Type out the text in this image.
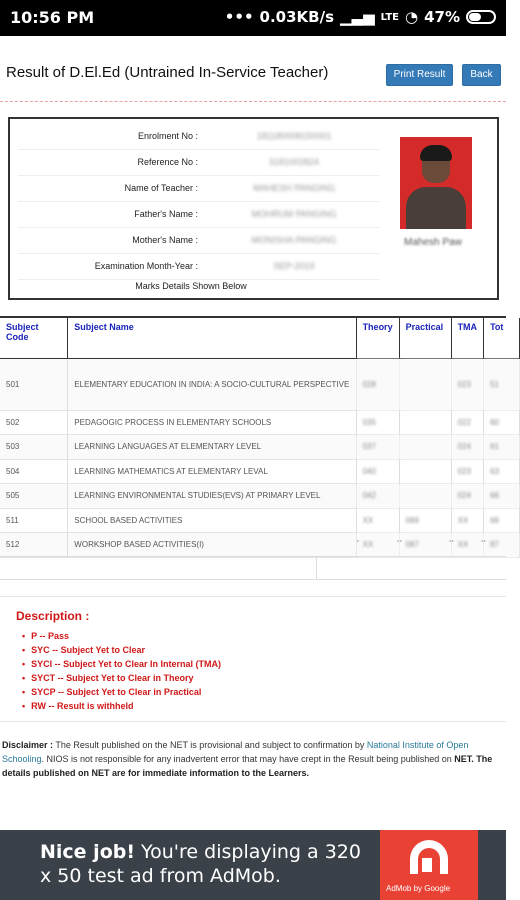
10:56 PM	••• 0.03KB/s ▁▃▅ LTE ◔ 47%
Result of D.El.Ed (Untrained In-Service Teacher)	Print Result	Back
Enrolment No :	181180008150001
Reference No :	3181002824
Name of Teacher :	MAHESH PANGING
Father's Name :	MOHRUM PANGING
Mother's Name :	MONISHA PANGING
Examination Month-Year :	SEP-2019
Mahesh Paw
Marks Details Shown Below
Subject Code	Subject Name	Theory	Practical	TMA	Tot
501	ELEMENTARY EDUCATION IN INDIA: A SOCIO-CULTURAL PERSPECTIVE	028		023	51
502	PEDAGOGIC PROCESS IN ELEMENTARY SCHOOLS	035		022	60
503	LEARNING LANGUAGES AT ELEMENTARY LEVEL	037		024	61
504	LEARNING MATHEMATICS AT ELEMENTARY LEVAL	040		023	63
505	LEARNING ENVIRONMENTAL STUDIES(EVS) AT PRIMARY LEVEL	042		024	66
511	SCHOOL BASED ACTIVITIES	XX	069	XX	69
512	WORKSHOP BASED ACTIVITIES(I)	XX	087	XX	87
Description :
• P -- Pass
• SYC -- Subject Yet to Clear
• SYCI -- Subject Yet to Clear In Internal (TMA)
• SYCT -- Subject Yet to Clear in Theory
• SYCP -- Subject Yet to Clear in Practical
• RW -- Result is withheld
Disclaimer : The Result published on the NET is provisional and subject to confirmation by National Institute of Open Schooling. NIOS is not responsible for any inadvertent error that may have crept in the Result being published on NET. The details published on NET are for immediate information to the Learners.
Nice job! You're displaying a 320 x 50 test ad from AdMob.
AdMob by Google
